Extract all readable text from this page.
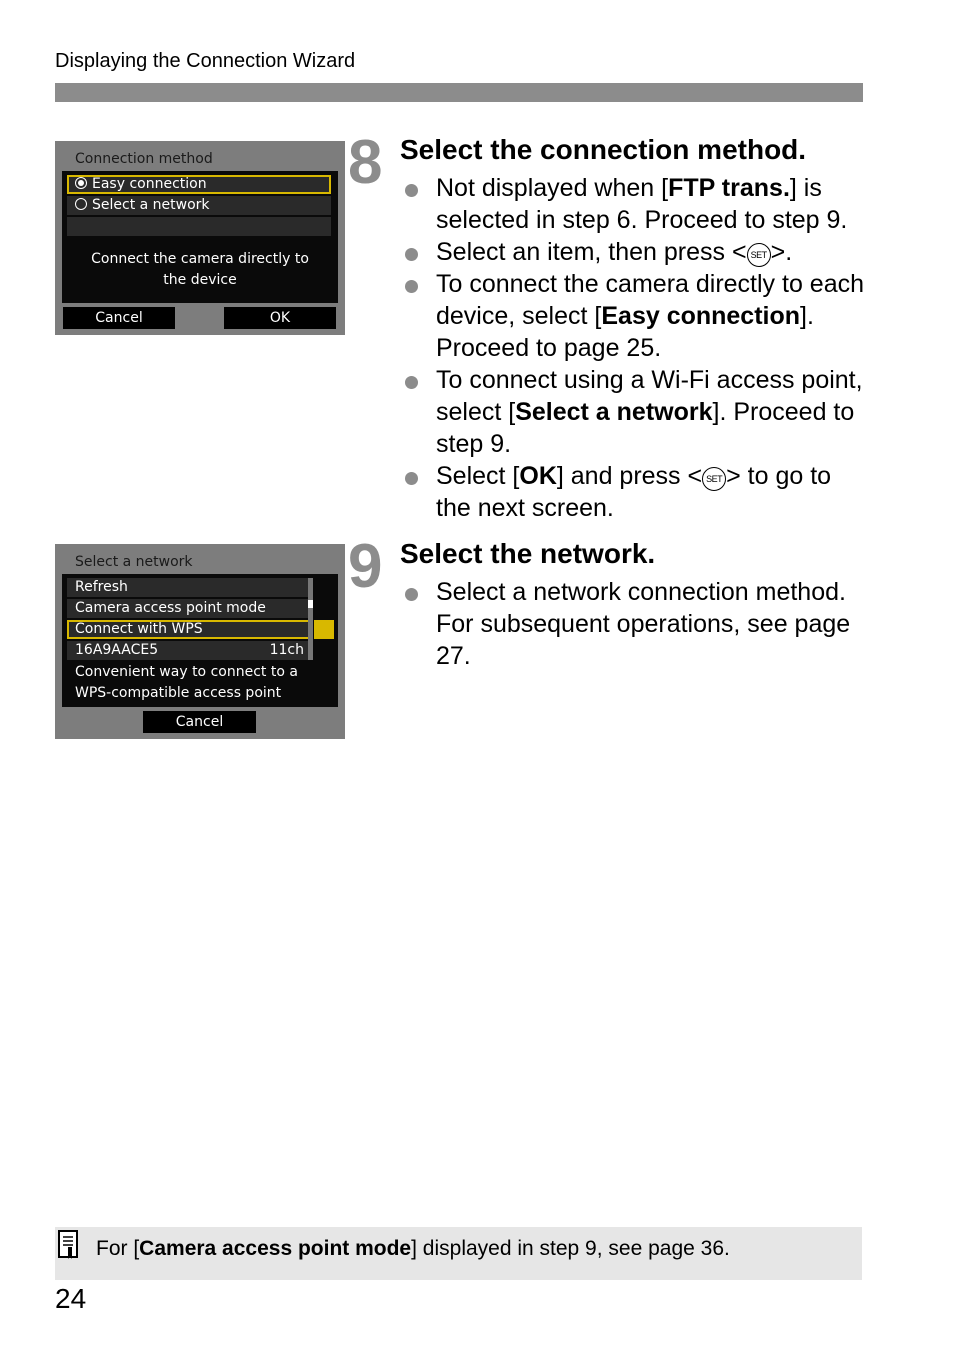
Displaying the Connection Wizard
Connection method
Easy connection
Select a network
Connect the camera directly to
the device
Cancel	OK
8 Select the connection method.
Not displayed when [FTP trans.] is selected in step 6. Proceed to step 9.
Select an item, then press < SET >.
To connect the camera directly to each device, select [Easy connection]. Proceed to page 25.
To connect using a Wi-Fi access point, select [Select a network]. Proceed to step 9.
Select [OK] and press < SET > to go to the next screen.
Select a network
Refresh
Camera access point mode
Connect with WPS
16A9AACE5	11ch
Convenient way to connect to a
WPS-compatible access point
Cancel
9 Select the network.
Select a network connection method. For subsequent operations, see page 27.
For [Camera access point mode] displayed in step 9, see page 36.
24
